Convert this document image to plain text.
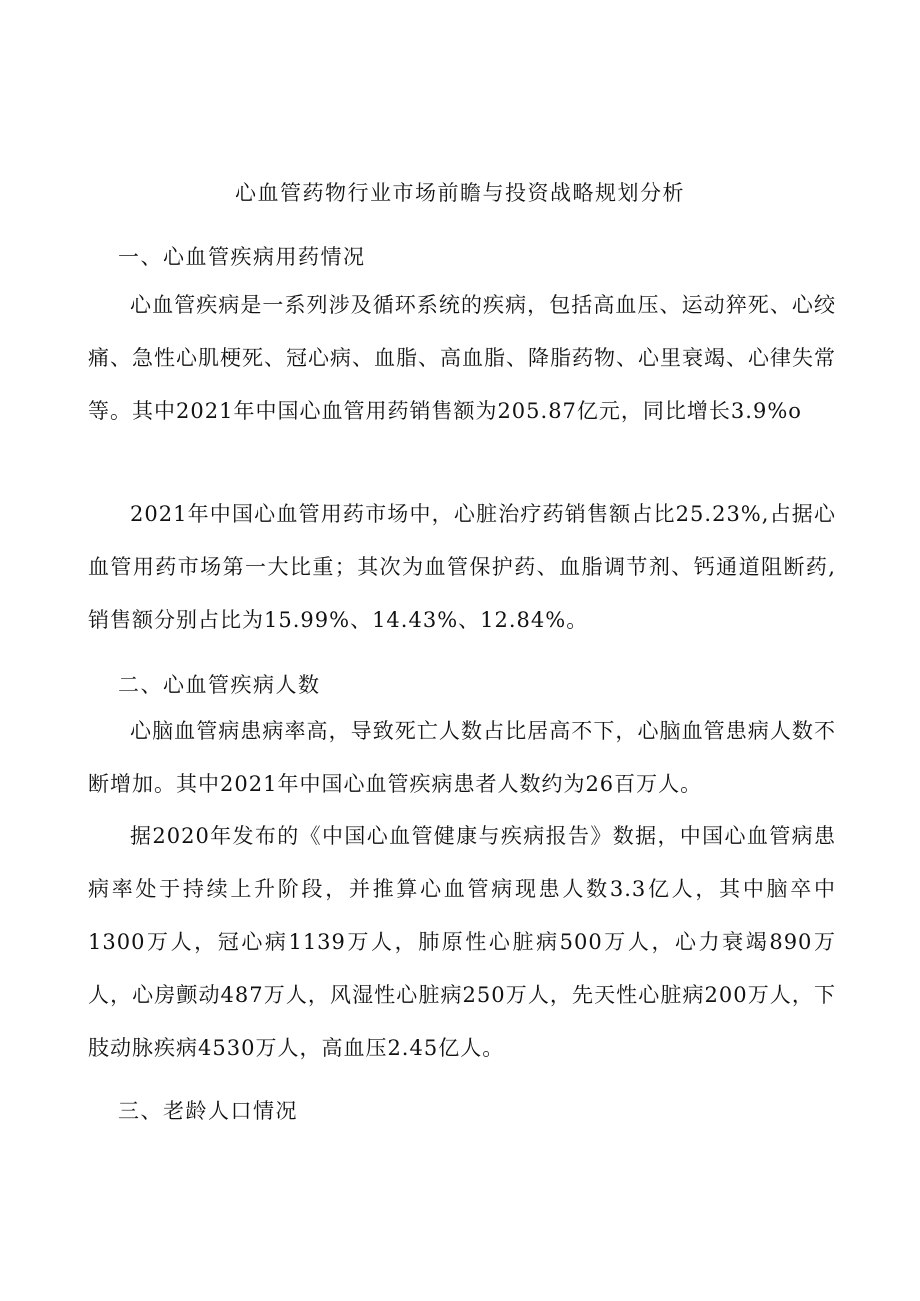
心血管药物行业市场前瞻与投资战略规划分析
一、心血管疾病用药情况

心血管疾病是一系列涉及循环系统的疾病，包括高血压、运动猝死、心绞痛、急性心肌梗死、冠心病、血脂、高血脂、降脂药物、心里衰竭、心律失常等。其中2021年中国心血管用药销售额为205.87亿元，同比增长3.9%o

2021年中国心血管用药市场中，心脏治疗药销售额占比25.23%,占据心血管用药市场第一大比重；其次为血管保护药、血脂调节剂、钙通道阻断药,销售额分别占比为15.99%、14.43%、12.84%。

二、心血管疾病人数

心脑血管病患病率高，导致死亡人数占比居高不下，心脑血管患病人数不断增加。其中2021年中国心血管疾病患者人数约为26百万人。

据2020年发布的《中国心血管健康与疾病报告》数据，中国心血管病患病率处于持续上升阶段，并推算心血管病现患人数3.3亿人，其中脑卒中1300万人，冠心病1139万人，肺原性心脏病500万人，心力衰竭890万人，心房颤动487万人，风湿性心脏病250万人，先天性心脏病200万人，下肢动脉疾病4530万人，高血压2.45亿人。

三、老龄人口情况
